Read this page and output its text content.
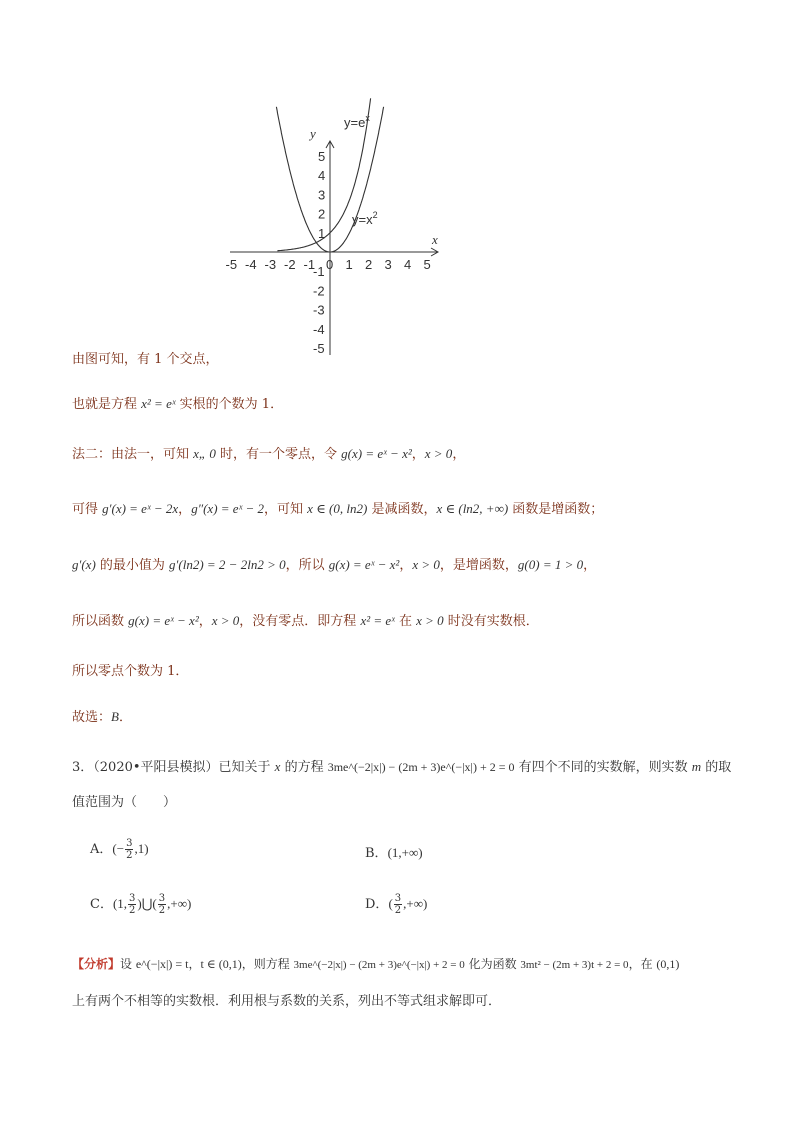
y
x
$y=e^x$
$y=x^2$
-5 -4 -3 -2 -1 0 1 2 3 4 5
1
2
3
4
5
-1
-2
-3
-4
-5
由图可知，有 1 个交点，
也就是方程 x² = eˣ 实根的个数为 1．
法二：由法一，可知 x„ 0 时，有一个零点，令 g(x) = eˣ − x²，x > 0，
可得 g′(x) = eˣ − 2x，g″(x) = eˣ − 2，可知 x ∈ (0, ln2) 是减函数，x ∈ (ln2, +∞) 函数是增函数；
g′(x) 的最小值为 g′(ln2) = 2 − 2ln2 > 0，所以 g(x) = eˣ − x²，x > 0，是增函数，g(0) = 1 > 0，
所以函数 g(x) = eˣ − x²，x > 0，没有零点．即方程 x² = eˣ 在 x > 0 时没有实数根．
所以零点个数为 1．
故选：B．
3．（2020•平阳县模拟）已知关于 x 的方程 3me^(−2|x|) − (2m + 3)e^(−|x|) + 2 = 0 有四个不同的实数解，则实数 m 的取
值范围为（　　）
A．(− $\frac{3}{2} ,1$)	B．(1,+∞)
C．(1, $\frac{3}{2}$ )⋃( $\frac{3}{2}$ ,+∞)	D．( $\frac{3}{2}$ ,+∞)
【分析】设 e^(−|x|) = t，t ∈ (0,1)，则方程 3me^(−2|x|) − (2m + 3)e^(−|x|) + 2 = 0 化为函数 3mt² − (2m + 3)t + 2 = 0，在 (0,1)
上有两个不相等的实数根．利用根与系数的关系，列出不等式组求解即可．
